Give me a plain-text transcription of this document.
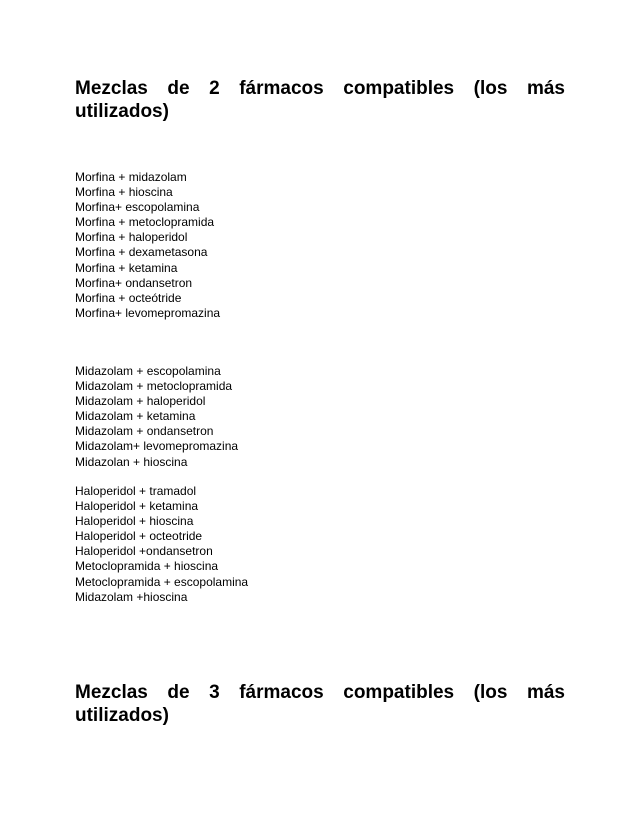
Mezclas de 2 fármacos compatibles (los más
utilizados)
Morfina + midazolam
Morfina + hioscina
Morfina+ escopolamina
Morfina + metoclopramida
Morfina + haloperidol
Morfina + dexametasona
Morfina + ketamina
Morfina+ ondansetron
Morfina + octeótride
Morfina+ levomepromazina
Midazolam + escopolamina
Midazolam + metoclopramida
Midazolam + haloperidol
Midazolam + ketamina
Midazolam + ondansetron
Midazolam+ levomepromazina
Midazolan + hioscina
Haloperidol + tramadol
Haloperidol + ketamina
Haloperidol + hioscina
Haloperidol + octeotride
Haloperidol +ondansetron
Metoclopramida + hioscina
Metoclopramida + escopolamina
Midazolam +hioscina
Mezclas de 3 fármacos compatibles (los más
utilizados)
